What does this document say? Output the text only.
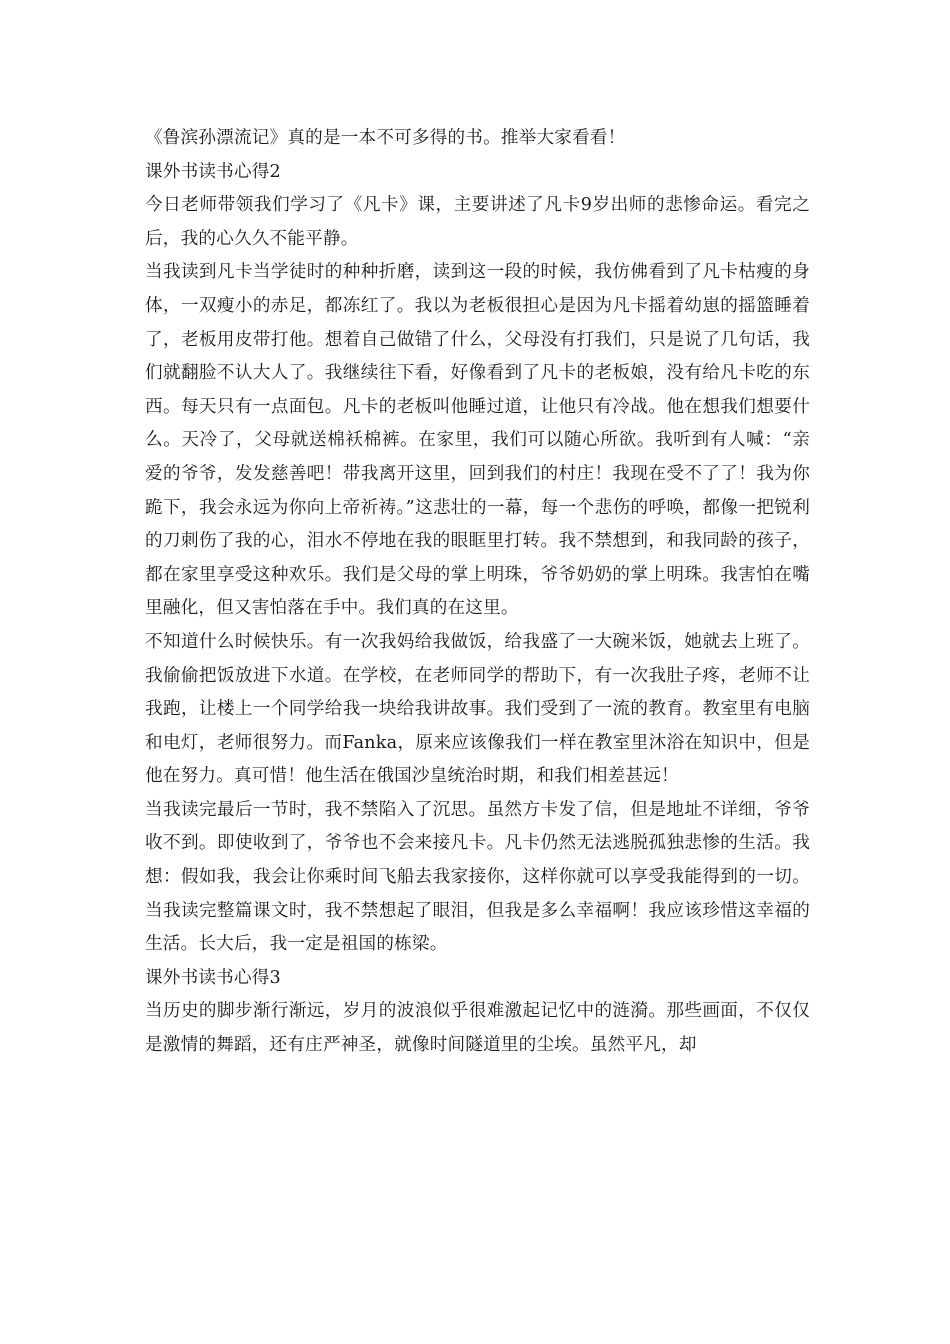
《鲁滨孙漂流记》真的是一本不可多得的书。推举大家看看！

课外书读书心得2

今日老师带领我们学习了《凡卡》课，主要讲述了凡卡9岁出师的悲惨命运。看完之后，我的心久久不能平静。

当我读到凡卡当学徒时的种种折磨，读到这一段的时候，我仿佛看到了凡卡枯瘦的身体，一双瘦小的赤足，都冻红了。我以为老板很担心是因为凡卡摇着幼崽的摇篮睡着了，老板用皮带打他。想着自己做错了什么，父母没有打我们，只是说了几句话，我们就翻脸不认大人了。我继续往下看，好像看到了凡卡的老板娘，没有给凡卡吃的东西。每天只有一点面包。凡卡的老板叫他睡过道，让他只有冷战。他在想我们想要什么。天冷了，父母就送棉袄棉裤。在家里，我们可以随心所欲。我听到有人喊：“亲爱的爷爷，发发慈善吧！带我离开这里，回到我们的村庄！我现在受不了了！我为你跪下，我会永远为你向上帝祈祷。”这悲壮的一幕，每一个悲伤的呼唤，都像一把锐利的刀刺伤了我的心，泪水不停地在我的眼眶里打转。我不禁想到，和我同龄的孩子，都在家里享受这种欢乐。我们是父母的掌上明珠，爷爷奶奶的掌上明珠。我害怕在嘴里融化，但又害怕落在手中。我们真的在这里。

不知道什么时候快乐。有一次我妈给我做饭，给我盛了一大碗米饭，她就去上班了。我偷偷把饭放进下水道。在学校，在老师同学的帮助下，有一次我肚子疼，老师不让我跑，让楼上一个同学给我一块给我讲故事。我们受到了一流的教育。教室里有电脑和电灯，老师很努力。而Fanka，原来应该像我们一样在教室里沐浴在知识中，但是他在努力。真可惜！他生活在俄国沙皇统治时期，和我们相差甚远！

当我读完最后一节时，我不禁陷入了沉思。虽然方卡发了信，但是地址不详细，爷爷收不到。即使收到了，爷爷也不会来接凡卡。凡卡仍然无法逃脱孤独悲惨的生活。我想：假如我，我会让你乘时间飞船去我家接你，这样你就可以享受我能得到的一切。当我读完整篇课文时，我不禁想起了眼泪，但我是多么幸福啊！我应该珍惜这幸福的生活。长大后，我一定是祖国的栋梁。

课外书读书心得3

当历史的脚步渐行渐远，岁月的波浪似乎很难激起记忆中的涟漪。那些画面，不仅仅是激情的舞蹈，还有庄严神圣，就像时间隧道里的尘埃。虽然平凡，却
